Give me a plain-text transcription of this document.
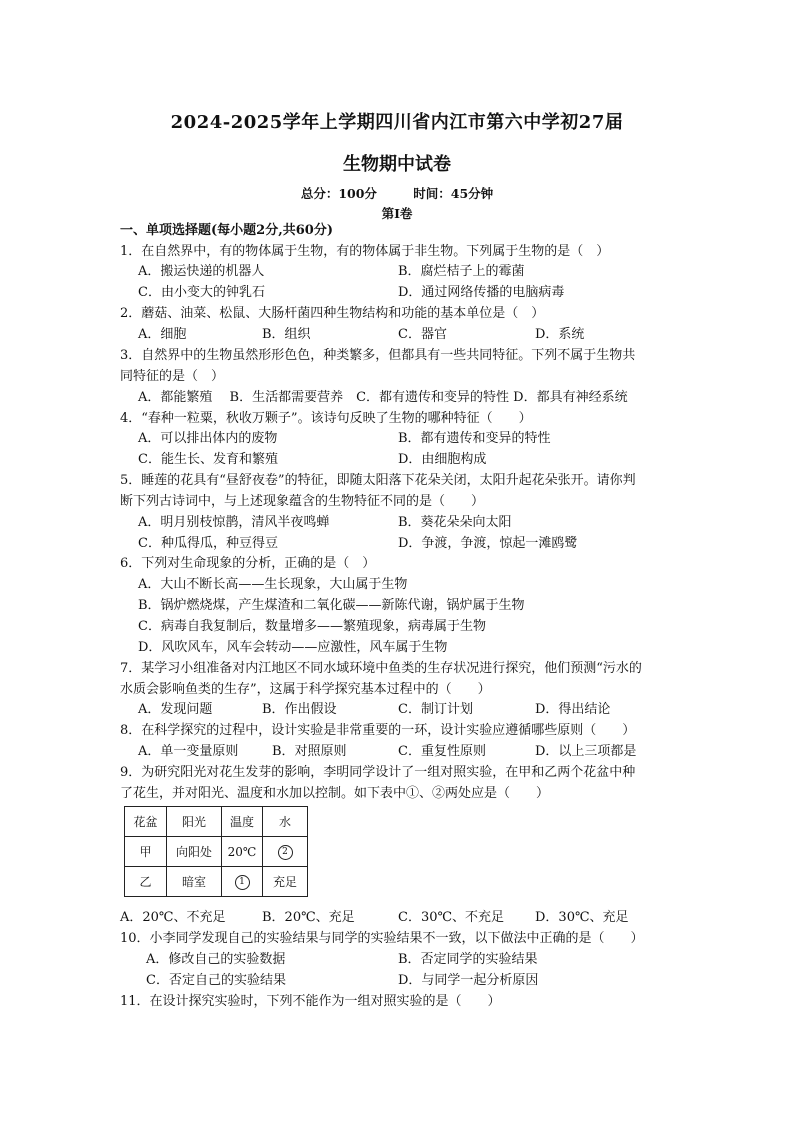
2024-2025学年上学期四川省内江市第六中学初27届
生物期中试卷
总分：100分	时间：45分钟
第Ⅰ卷
一、单项选择题(每小题2分,共60分)
1．在自然界中，有的物体属于生物，有的物体属于非生物。下列属于生物的是（　）
A．搬运快递的机器人	B．腐烂桔子上的霉菌
C．由小变大的钟乳石	D．通过网络传播的电脑病毒
2．蘑菇、油菜、松鼠、大肠杆菌四种生物结构和功能的基本单位是（　）
A．细胞	B．组织	C．器官	D．系统
3．自然界中的生物虽然形形色色，种类繁多，但都具有一些共同特征。下列不属于生物共
同特征的是（　）
A．都能繁殖　 B．生活都需要营养　C．都有遗传和变异的特性 D．都具有神经系统
4．“春种一粒粟，秋收万颗子”。该诗句反映了生物的哪种特征（　　）
A．可以排出体内的废物	B．都有遗传和变异的特性
C．能生长、发育和繁殖	D．由细胞构成
5．睡莲的花具有“昼舒夜卷”的特征，即随太阳落下花朵关闭，太阳升起花朵张开。请你判
断下列古诗词中，与上述现象蕴含的生物特征不同的是（　　）
A．明月别枝惊鹊，清风半夜鸣蝉	B．葵花朵朵向太阳
C．种瓜得瓜，种豆得豆	D．争渡，争渡，惊起一滩鸥鹭
6．下列对生命现象的分析，正确的是（　）
A．大山不断长高——生长现象，大山属于生物
B．锅炉燃烧煤，产生煤渣和二氧化碳——新陈代谢，锅炉属于生物
C．病毒自我复制后，数量增多——繁殖现象，病毒属于生物
D．风吹风车，风车会转动——应激性，风车属于生物
7．某学习小组准备对内江地区不同水域环境中鱼类的生存状况进行探究，他们预测“污水的
水质会影响鱼类的生存”，这属于科学探究基本过程中的（　　）
A．发现问题	B．作出假设	C．制订计划	D．得出结论
8．在科学探究的过程中，设计实验是非常重要的一环，设计实验应遵循哪些原则（　　）
A．单一变量原则	B．对照原则	C．重复性原则	D．以上三项都是
9．为研究阳光对花生发芽的影响，李明同学设计了一组对照实验，在甲和乙两个花盆中种
了花生，并对阳光、温度和水加以控制。如下表中①、②两处应是（　　）
花盆	阳光	温度	水
甲	向阳处	20℃	2
乙	暗室	1	充足
A．20℃、不充足	B．20℃、充足	C．30℃、不充足 D．30℃、充足
10．小李同学发现自己的实验结果与同学的实验结果不一致，以下做法中正确的是（　　）
A．修改自己的实验数据	B．否定同学的实验结果
C．否定自己的实验结果	D．与同学一起分析原因
11．在设计探究实验时，下列不能作为一组对照实验的是（　　）
